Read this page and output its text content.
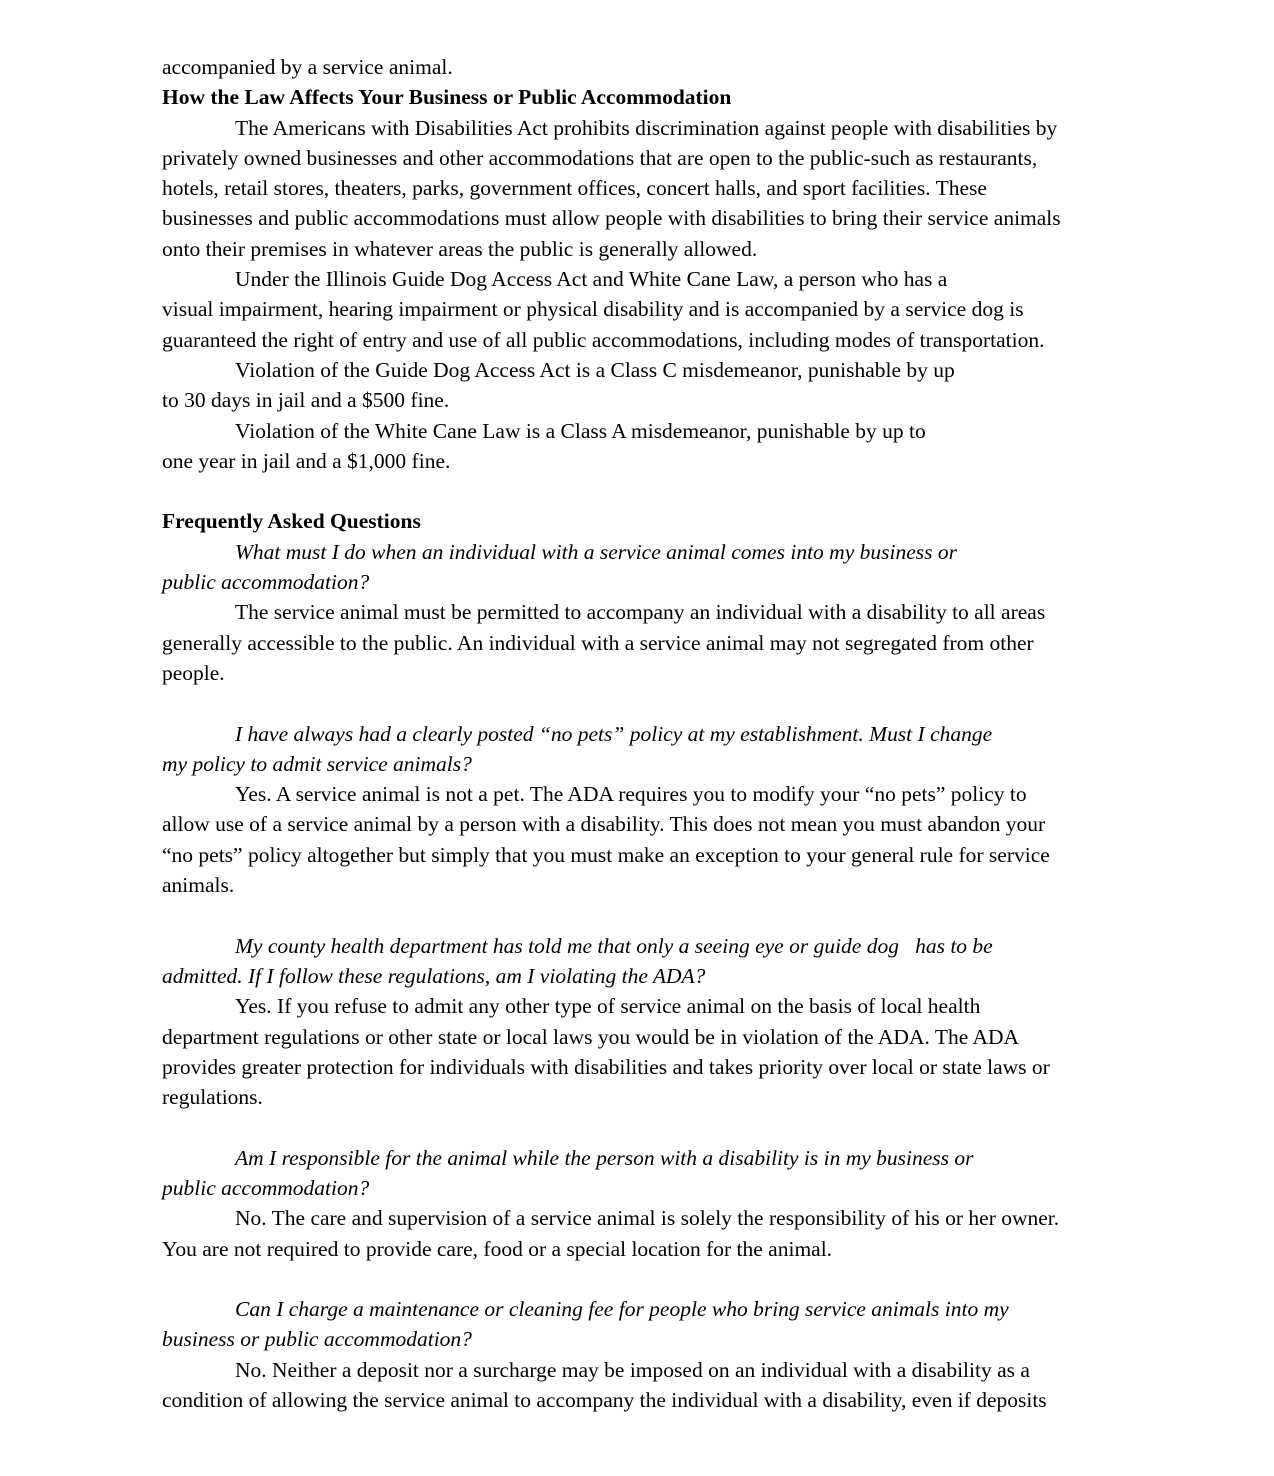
accompanied by a service animal.
How the Law Affects Your Business or Public Accommodation
The Americans with Disabilities Act prohibits discrimination against people with disabilities by
privately owned businesses and other accommodations that are open to the public-such as restaurants,
hotels, retail stores, theaters, parks, government offices, concert halls, and sport facilities. These
businesses and public accommodations must allow people with disabilities to bring their service animals
onto their premises in whatever areas the public is generally allowed.
Under the Illinois Guide Dog Access Act and White Cane Law, a person who has a
visual impairment, hearing impairment or physical disability and is accompanied by a service dog is
guaranteed the right of entry and use of all public accommodations, including modes of transportation.
Violation of the Guide Dog Access Act is a Class C misdemeanor, punishable by up
to 30 days in jail and a $500 fine.
Violation of the White Cane Law is a Class A misdemeanor, punishable by up to
one year in jail and a $1,000 fine.
Frequently Asked Questions
What must I do when an individual with a service animal comes into my business or
public accommodation?
The service animal must be permitted to accompany an individual with a disability to all areas
generally accessible to the public. An individual with a service animal may not segregated from other
people.
I have always had a clearly posted “no pets” policy at my establishment. Must I change
my policy to admit service animals?
Yes. A service animal is not a pet. The ADA requires you to modify your “no pets” policy to
allow use of a service animal by a person with a disability. This does not mean you must abandon your
“no pets” policy altogether but simply that you must make an exception to your general rule for service
animals.
My county health department has told me that only a seeing eye or guide dog   has to be
admitted. If I follow these regulations, am I violating the ADA?
Yes. If you refuse to admit any other type of service animal on the basis of local health
department regulations or other state or local laws you would be in violation of the ADA. The ADA
provides greater protection for individuals with disabilities and takes priority over local or state laws or
regulations.
Am I responsible for the animal while the person with a disability is in my business or
public accommodation?
No. The care and supervision of a service animal is solely the responsibility of his or her owner.
You are not required to provide care, food or a special location for the animal.
Can I charge a maintenance or cleaning fee for people who bring service animals into my
business or public accommodation?
No. Neither a deposit nor a surcharge may be imposed on an individual with a disability as a
condition of allowing the service animal to accompany the individual with a disability, even if deposits
